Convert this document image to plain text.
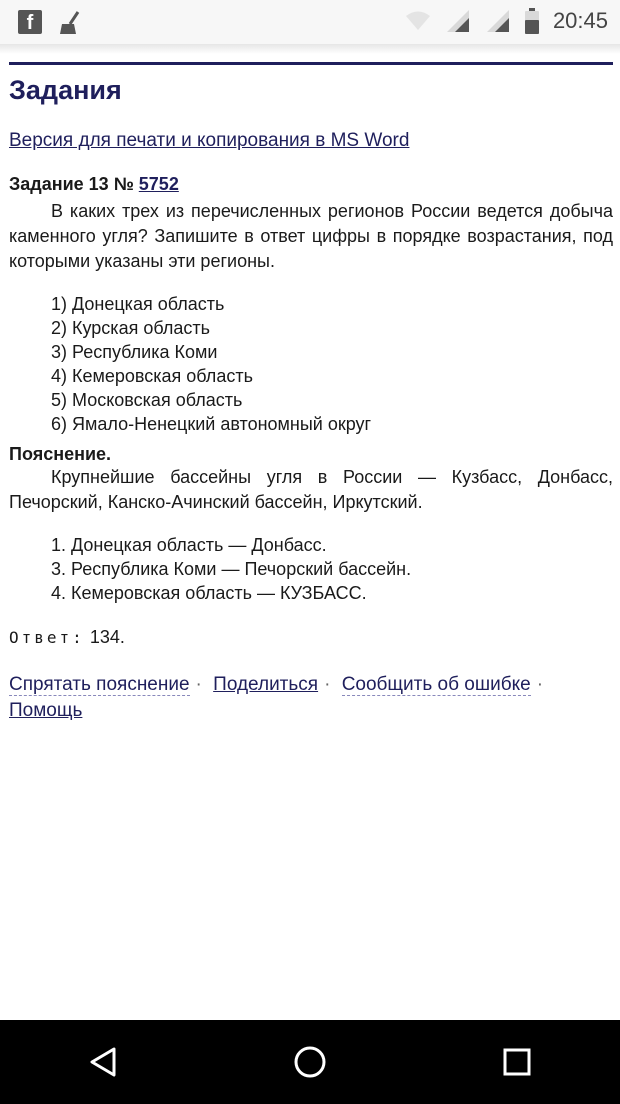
f	20:45
Задания
Версия для печати и копирования в MS Word
Задание 13 № 5752

В каких трех из перечисленных регионов России ведется добыча каменного угля? Запишите в ответ цифры в порядке возрастания, под которыми указаны эти регионы.

1) Донецкая область
2) Курская область
3) Республика Коми
4) Кемеровская область
5) Московская область
6) Ямало-Ненецкий автономный округ
Пояснение.

Крупнейшие бассейны угля в России — Кузбасс, Донбасс, Печорский, Канско-Ачинский бассейн, Иркутский.

1. Донецкая область — Донбасс.
3. Республика Коми — Печорский бассейн.
4. Кемеровская область — КУЗБАСС.
Ответ: 134.
Спрятать пояснение · Поделиться · Сообщить об ошибке ·
Помощь
